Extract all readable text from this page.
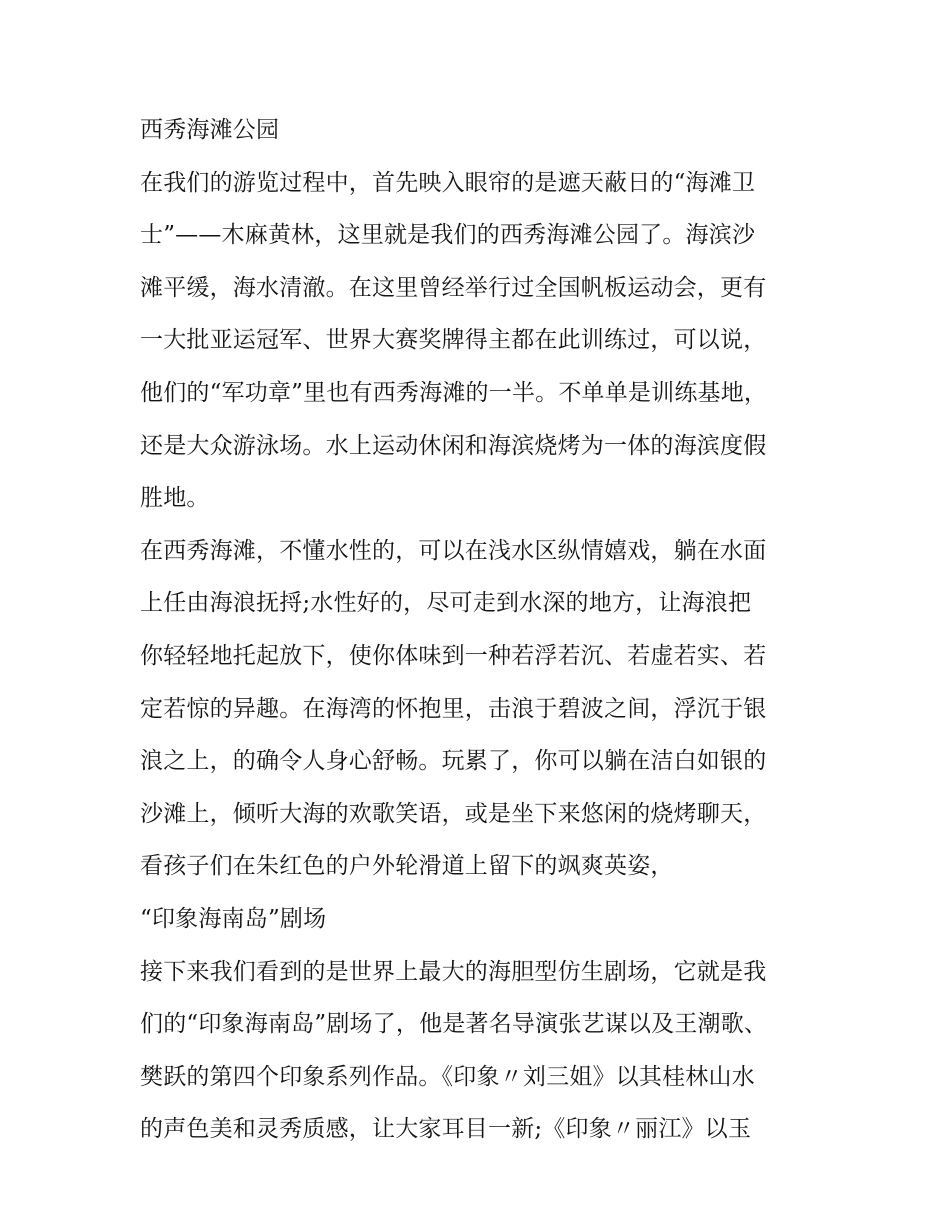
西秀海滩公园
在我们的游览过程中，首先映入眼帘的是遮天蔽日的“海滩卫
士”——木麻黄林，这里就是我们的西秀海滩公园了。海滨沙
滩平缓，海水清澈。在这里曾经举行过全国帆板运动会，更有
一大批亚运冠军、世界大赛奖牌得主都在此训练过，可以说，
他们的“军功章”里也有西秀海滩的一半。不单单是训练基地，
还是大众游泳场。水上运动休闲和海滨烧烤为一体的海滨度假
胜地。
在西秀海滩，不懂水性的，可以在浅水区纵情嬉戏，躺在水面
上任由海浪抚捋;水性好的，尽可走到水深的地方，让海浪把
你轻轻地托起放下，使你体味到一种若浮若沉、若虚若实、若
定若惊的异趣。在海湾的怀抱里，击浪于碧波之间，浮沉于银
浪之上，的确令人身心舒畅。玩累了，你可以躺在洁白如银的
沙滩上，倾听大海的欢歌笑语，或是坐下来悠闲的烧烤聊天，
看孩子们在朱红色的户外轮滑道上留下的飒爽英姿，
“印象海南岛”剧场
接下来我们看到的是世界上最大的海胆型仿生剧场，它就是我
们的“印象海南岛”剧场了，他是著名导演张艺谋以及王潮歌、
樊跃的第四个印象系列作品。《印象〃刘三姐》以其桂林山水
的声色美和灵秀质感，让大家耳目一新;《印象〃丽江》以玉
